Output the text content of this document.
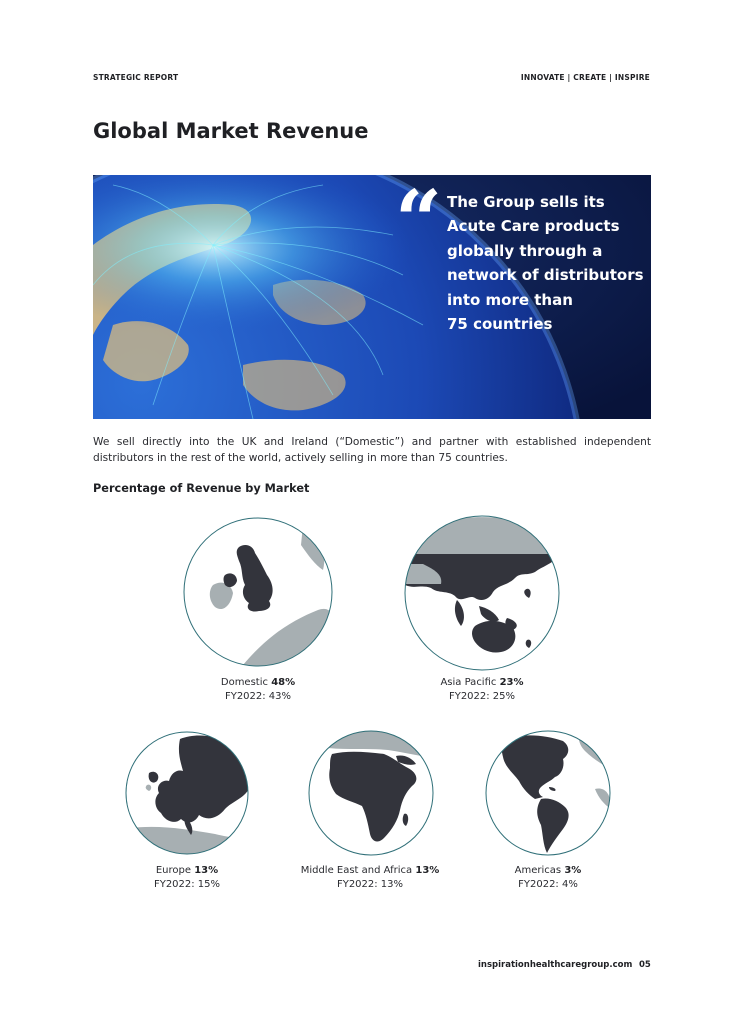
STRATEGIC REPORT	INNOVATE | CREATE | INSPIRE
Global Market Revenue
“ The Group sells its
Acute Care products
globally through a
network of distributors
into more than
75 countries

We sell directly into the UK and Ireland (“Domestic”) and partner with established independent distributors in the rest of the world, actively selling in more than 75 countries.

Percentage of Revenue by Market
Domestic 48%
FY2022: 43%
Asia Pacific 23%
FY2022: 25%
Europe 13%
FY2022: 15%
Middle East and Africa 13%
FY2022: 13%
Americas 3%
FY2022: 4%
inspirationhealthcaregroup.com 05
